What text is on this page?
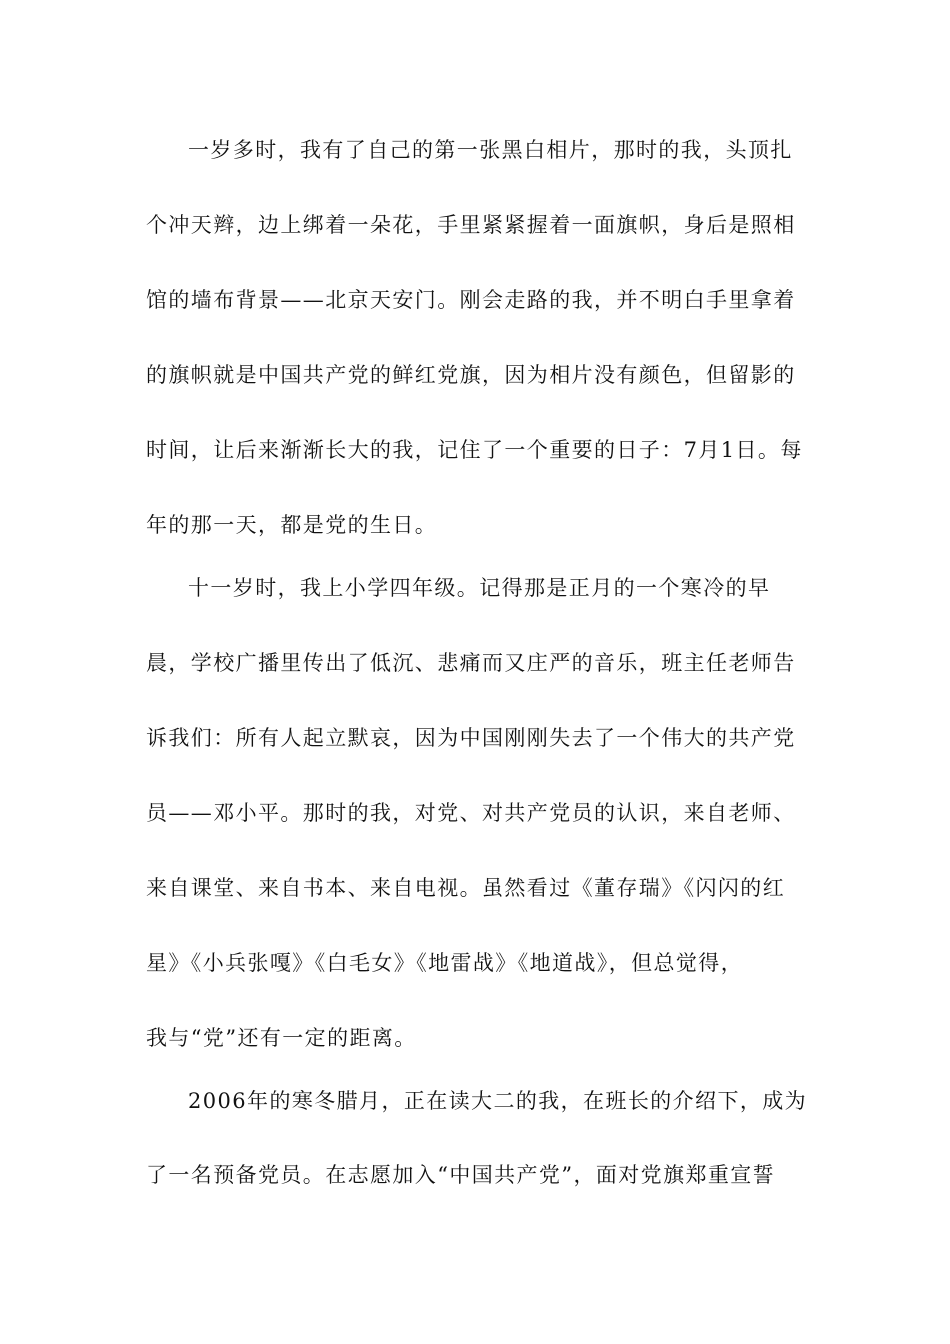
一岁多时，我有了自己的第一张黑白相片，那时的我，头顶扎
个冲天辫，边上绑着一朵花，手里紧紧握着一面旗帜，身后是照相
馆的墙布背景——北京天安门。刚会走路的我，并不明白手里拿着
的旗帜就是中国共产党的鲜红党旗，因为相片没有颜色，但留影的
时间，让后来渐渐长大的我，记住了一个重要的日子：7月1日。每
年的那一天，都是党的生日。
十一岁时，我上小学四年级。记得那是正月的一个寒冷的早
晨，学校广播里传出了低沉、悲痛而又庄严的音乐，班主任老师告
诉我们：所有人起立默哀，因为中国刚刚失去了一个伟大的共产党
员——邓小平。那时的我，对党、对共产党员的认识，来自老师、
来自课堂、来自书本、来自电视。虽然看过《董存瑞》《闪闪的红
星》《小兵张嘎》《白毛女》《地雷战》《地道战》，但总觉得，
我与“党”还有一定的距离。
2006年的寒冬腊月，正在读大二的我，在班长的介绍下，成为
了一名预备党员。在志愿加入“中国共产党”，面对党旗郑重宣誓
